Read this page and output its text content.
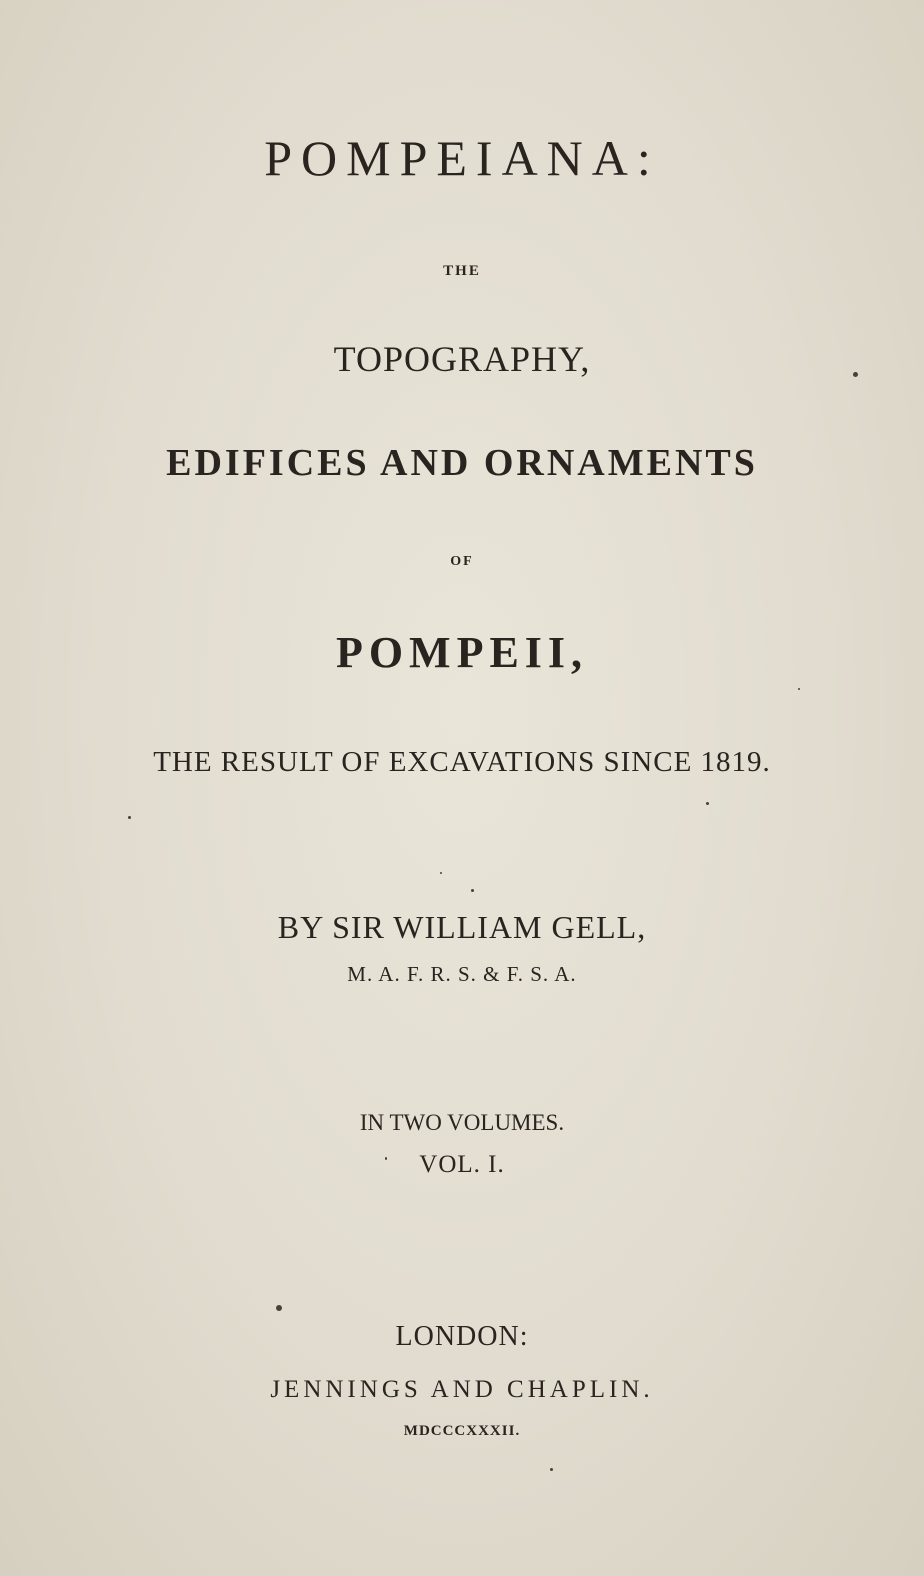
POMPEIANA:
THE
TOPOGRAPHY,
EDIFICES AND ORNAMENTS
OF
POMPEII,
THE RESULT OF EXCAVATIONS SINCE 1819.
BY SIR WILLIAM GELL,
M. A. F. R. S. & F. S. A.
IN TWO VOLUMES.
VOL. I.
LONDON:
JENNINGS AND CHAPLIN.
MDCCCXXXII.
